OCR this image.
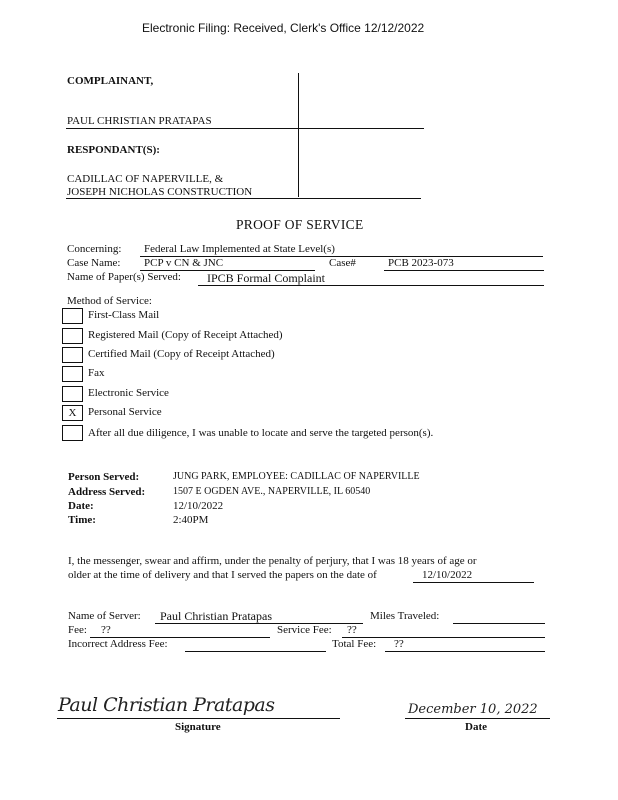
Electronic Filing: Received, Clerk's Office 12/12/2022
COMPLAINANT,
PAUL CHRISTIAN PRATAPAS
RESPONDANT(S):
CADILLAC OF NAPERVILLE, &
JOSEPH NICHOLAS CONSTRUCTION
PROOF OF SERVICE
Concerning: Federal Law Implemented at State Level(s)
Case Name: PCP v CN & JNC	Case#	PCB 2023-073
Name of Paper(s) Served: IPCB Formal Complaint
Method of Service:
First-Class Mail
Registered Mail (Copy of Receipt Attached)
Certified Mail (Copy of Receipt Attached)
Fax
Electronic Service
X	Personal Service
After all due diligence, I was unable to locate and serve the targeted person(s).
Person Served:	JUNG PARK, EMPLOYEE: CADILLAC OF NAPERVILLE
Address Served:	1507 E OGDEN AVE., NAPERVILLE, IL 60540
Date:	12/10/2022
Time:	2:40PM
I, the messenger, swear and affirm, under the penalty of perjury, that I was 18 years of age or
older at the time of delivery and that I served the papers on the date of	12/10/2022
Name of Server: Paul Christian Pratapas	Miles Traveled:
Fee: ??	Service Fee: ??
Incorrect Address Fee:	Total Fee: ??
Paul Christian Pratapas
Signature
December 10, 2022
Date
